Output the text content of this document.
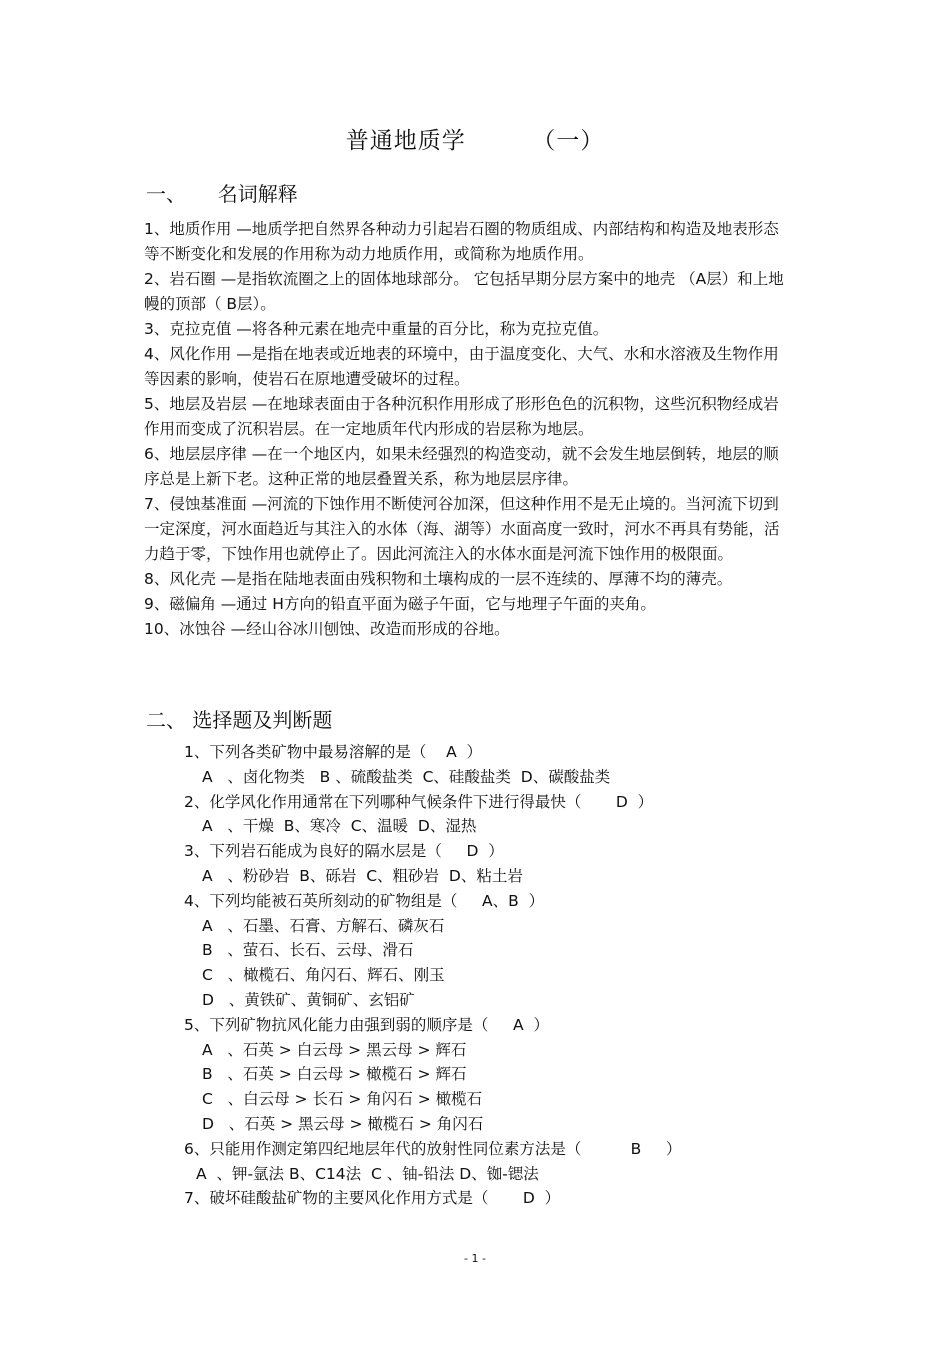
普通地质学        （一）
一、     名词解释

1、地质作用 —地质学把自然界各种动力引起岩石圈的物质组成、内部结构和构造及地表形态等不断变化和发展的作用称为动力地质作用，或简称为地质作用。

2、岩石圈 —是指软流圈之上的固体地球部分。 它包括早期分层方案中的地壳 （A层）和上地幔的顶部（ B层）。

3、克拉克值 —将各种元素在地壳中重量的百分比，称为克拉克值。

4、风化作用 —是指在地表或近地表的环境中，由于温度变化、大气、水和水溶液及生物作用等因素的影响，使岩石在原地遭受破坏的过程。

5、地层及岩层 —在地球表面由于各种沉积作用形成了形形色色的沉积物，这些沉积物经成岩作用而变成了沉积岩层。在一定地质年代内形成的岩层称为地层。

6、地层层序律 —在一个地区内，如果未经强烈的构造变动，就不会发生地层倒转，地层的顺序总是上新下老。这种正常的地层叠置关系，称为地层层序律。

7、侵蚀基准面 —河流的下蚀作用不断使河谷加深，但这种作用不是无止境的。当河流下切到一定深度，河水面趋近与其注入的水体（海、湖等）水面高度一致时，河水不再具有势能，活力趋于零，下蚀作用也就停止了。因此河流注入的水体水面是河流下蚀作用的极限面。

8、风化壳 —是指在陆地表面由残积物和土壤构成的一层不连续的、厚薄不均的薄壳。

9、磁偏角 —通过 H方向的铅直平面为磁子午面，它与地理子午面的夹角。

10、冰蚀谷 —经山谷冰川刨蚀、改造而形成的谷地。

二、 选择题及判断题
1、下列各类矿物中最易溶解的是（    A  ）
A   、卤化物类   B 、硫酸盐类  C、硅酸盐类  D、碳酸盐类
2、化学风化作用通常在下列哪种气候条件下进行得最快（       D  ）
A   、干燥  B、寒冷  C、温暖  D、湿热
3、下列岩石能成为良好的隔水层是（     D  ）
A   、粉砂岩  B、砾岩  C、粗砂岩  D、粘土岩
4、下列均能被石英所刻动的矿物组是（     A、B  ）
A   、石墨、石膏、方解石、磷灰石
B   、萤石、长石、云母、滑石
C   、橄榄石、角闪石、辉石、刚玉
D   、黄铁矿、黄铜矿、玄铝矿
5、下列矿物抗风化能力由强到弱的顺序是（     A  ）
A   、石英 > 白云母 > 黑云母 > 辉石
B   、石英 > 白云母 > 橄榄石 > 辉石
C   、白云母 > 长石 > 角闪石 > 橄榄石
D   、石英 > 黑云母 > 橄榄石 > 角闪石
6、只能用作测定第四纪地层年代的放射性同位素方法是（          B     ）
A  、钾-氩法 B、C14法  C 、铀-铅法 D、铷-锶法
7、破坏硅酸盐矿物的主要风化作用方式是（       D  ）
- 1 -
